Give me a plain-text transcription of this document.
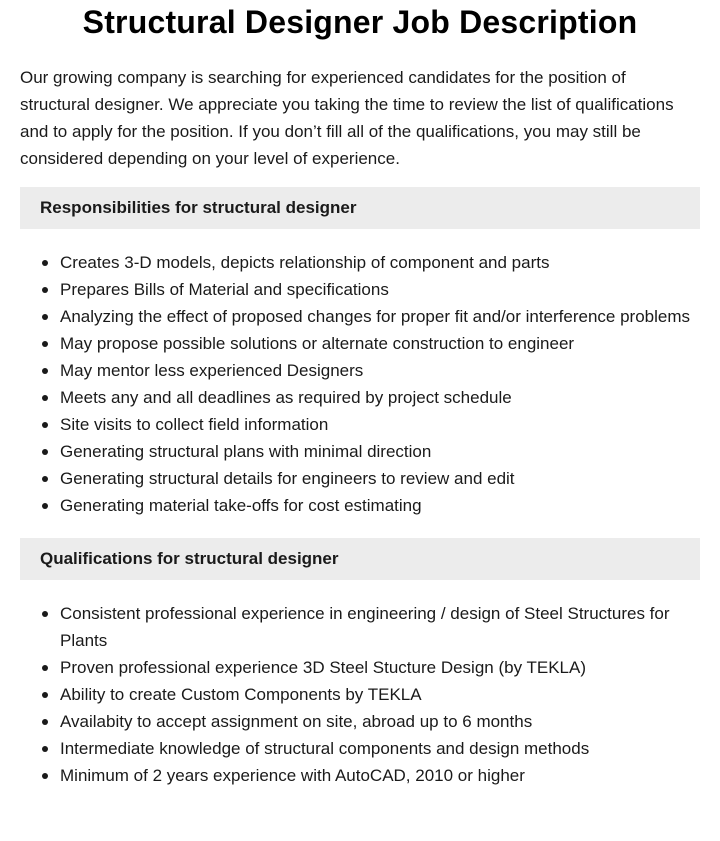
Structural Designer Job Description

Our growing company is searching for experienced candidates for the position of structural designer. We appreciate you taking the time to review the list of qualifications and to apply for the position. If you don’t fill all of the qualifications, you may still be considered depending on your level of experience.

Responsibilities for structural designer
Creates 3-D models, depicts relationship of component and parts
Prepares Bills of Material and specifications
Analyzing the effect of proposed changes for proper fit and/or interference problems
May propose possible solutions or alternate construction to engineer
May mentor less experienced Designers
Meets any and all deadlines as required by project schedule
Site visits to collect field information
Generating structural plans with minimal direction
Generating structural details for engineers to review and edit
Generating material take-offs for cost estimating
Qualifications for structural designer
Consistent professional experience in engineering / design of Steel Structures for Plants
Proven professional experience 3D Steel Stucture Design (by TEKLA)
Ability to create Custom Components by TEKLA
Availabity to accept assignment on site, abroad up to 6 months
Intermediate knowledge of structural components and design methods
Minimum of 2 years experience with AutoCAD, 2010 or higher
